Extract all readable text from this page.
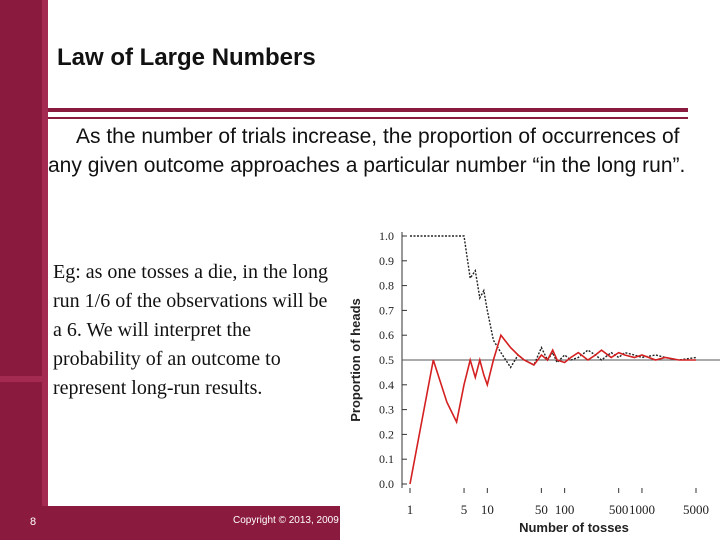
Law of Large Numbers
As the number of trials increase, the proportion of occurrences of any given outcome approaches a particular number “in the long run”.
Eg: as one tosses a die, in the long run 1/6 of the observations will be a 6. We will interpret the probability of an outcome to represent long-run results.
8	Copyright © 2013, 2009
0.0
0.1
0.2
0.3
0.4
0.5
0.6
0.7
0.8
0.9
1.0
1	5 10	50 100	500 1000 5000
Proportion of heads
Number of tosses
